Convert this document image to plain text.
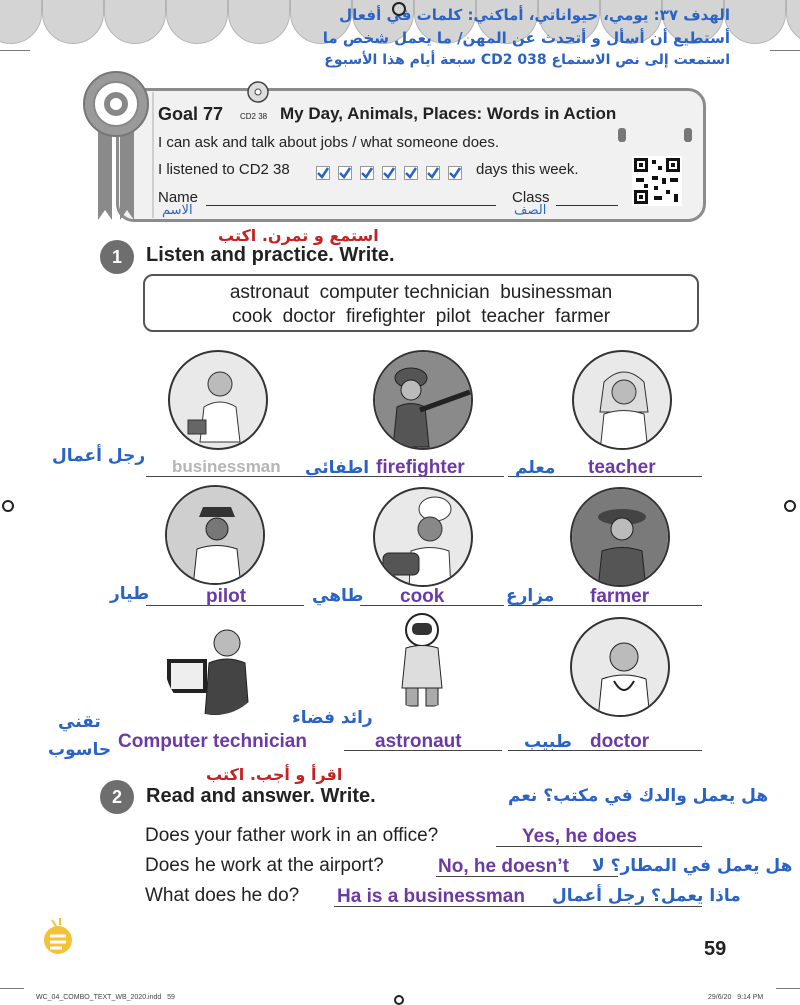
الهدف ٣٧: يومي، حيواناتي، أماكني: كلمات في أفعال
أستطيع أن أسأل و أتحدث عن المهن/ ما يعمل شخص ما
استمعت إلى نص الاستماع CD2 038 سبعة أيام هذا الأسبوع
Goal 77 CD2 38 My Day, Animals, Places: Words in Action
I can ask and talk about jobs / what someone does.
I listened to CD2 38	days this week.
Name
الاسم
Class
الصف
استمع و تمرن. اكتب
1	Listen and practice. Write.
astronaut  computer technician  businessman
cook  doctor  firefighter  pilot  teacher  farmer
رجل أعمال
businessman اطفائي firefighter	معلم teacher
طيار	pilot	طاهي cook	مزارع farmer
تقني
حاسوب
رائد فضاء
Computer technician	astronaut	طبيب doctor
اقرأ و أجب. اكتب
2	Read and answer. Write.	هل يعمل والدك في مكتب؟ نعم
Does your father work in an office?	Yes, he does
Does he work at the airport?	No, he doesn’t هل يعمل في المطار؟ لا
What does he do? Ha is a businessman ماذا يعمل؟ رجل أعمال
59
WC_04_COMBO_TEXT_WB_2020.indd   59	29/6/20   9:14 PM
